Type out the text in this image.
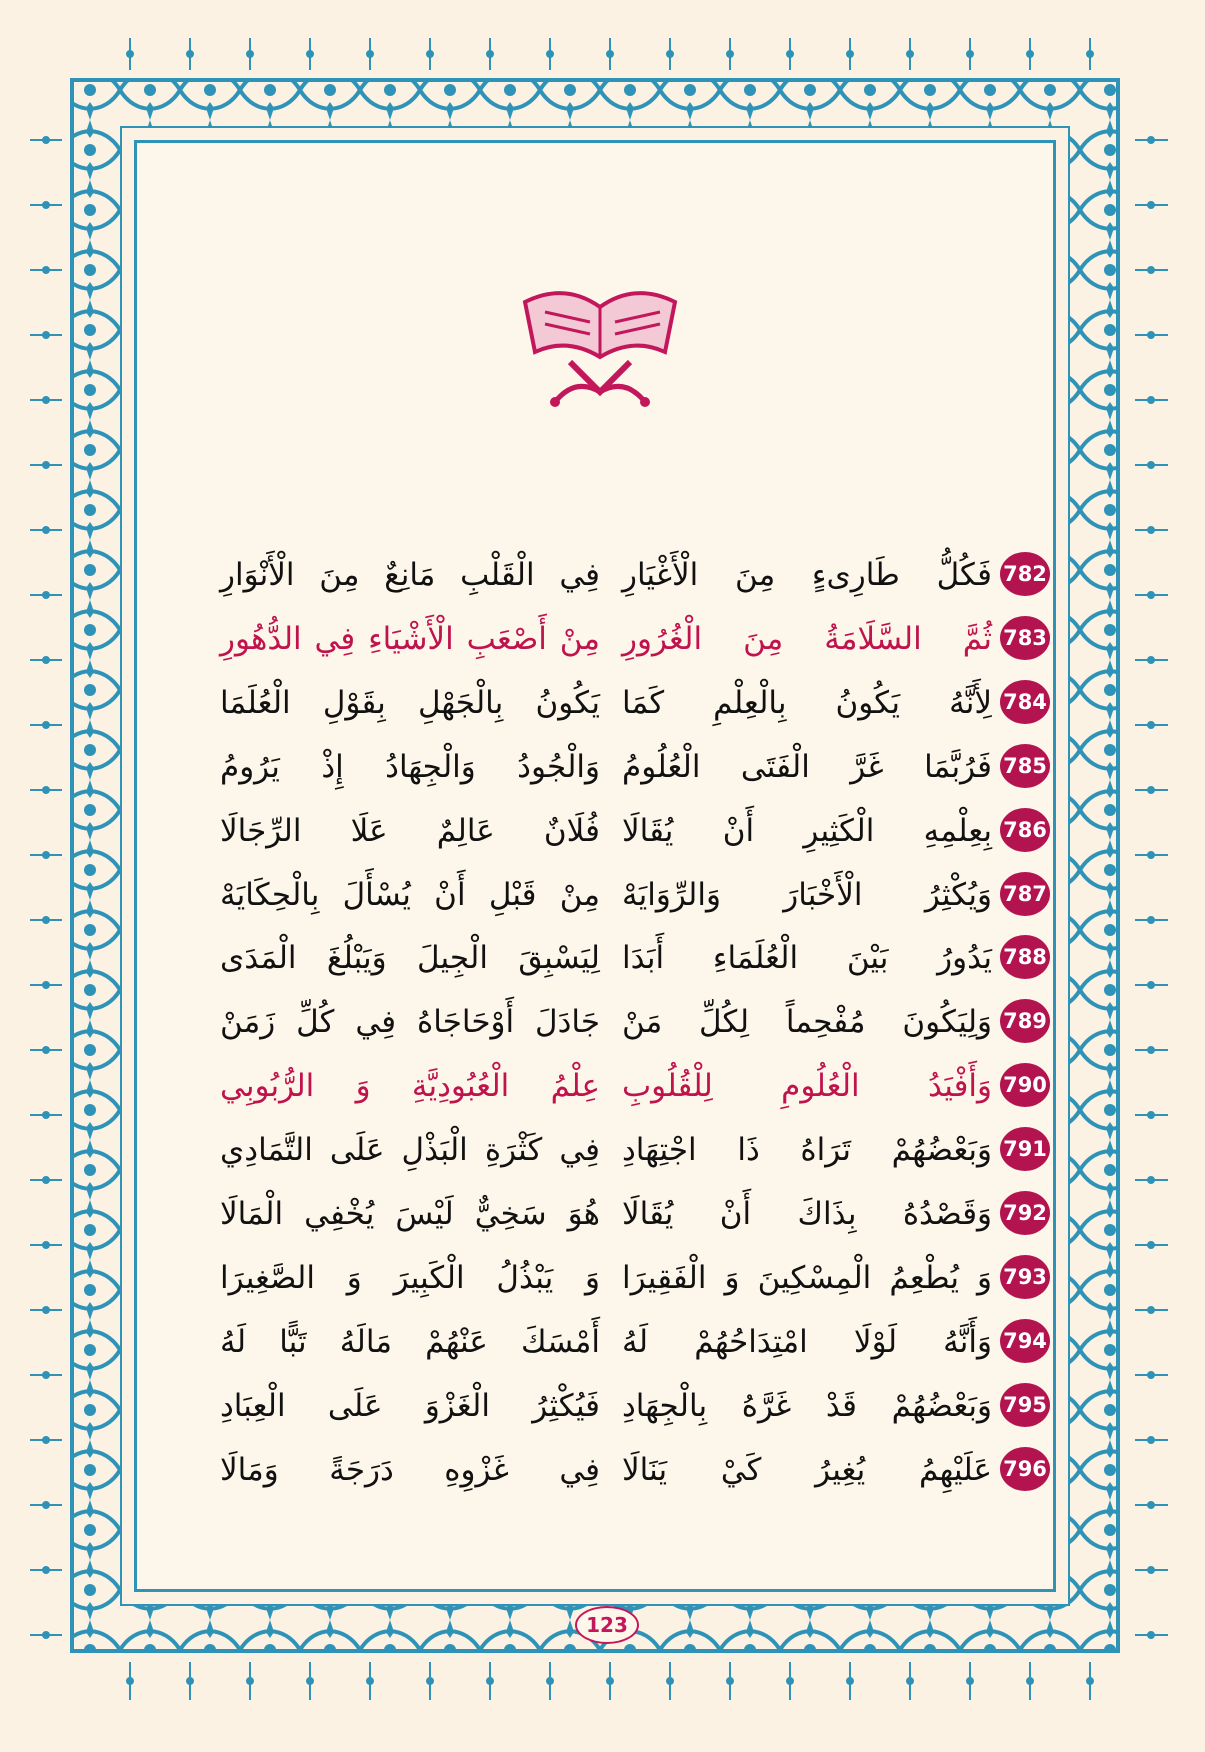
782
فَكُلُّ طَارِىءٍ مِنَ الْأَغْيَارِ
فِي الْقَلْبِ مَانِعٌ مِنَ الْأَنْوَارِ
783
ثُمَّ السَّلَامَةُ مِنَ الْغُرُورِ
مِنْ أَصْعَبِ الْأَشْيَاءِ فِي الدُّهُورِ
784
لِأَنَّهُ يَكُونُ بِالْعِلْمِ كَمَا
يَكُونُ بِالْجَهْلِ بِقَوْلِ الْعُلَمَا
785
فَرُبَّمَا غَرَّ الْفَتَى الْعُلُومُ
وَالْجُودُ وَالْجِهَادُ إِذْ يَرُومُ
786
بِعِلْمِهِ الْكَثِيرِ أَنْ يُقَالَا
فُلَانٌ عَالِمٌ عَلَا الرِّجَالَا
787
وَيُكْثِرُ الْأَخْبَارَ وَالرِّوَايَهْ
مِنْ قَبْلِ أَنْ يُسْأَلَ بِالْحِكَايَهْ
788
يَدُورُ بَيْنَ الْعُلَمَاءِ أَبَدَا
لِيَسْبِقَ الْجِيلَ وَيَبْلُغَ الْمَدَى
789
وَلِيَكُونَ مُفْحِماً لِكُلِّ مَنْ
جَادَلَ أَوْحَاجَاهُ فِي كُلِّ زَمَنْ
790
وَأَفْيَدُ الْعُلُومِ لِلْقُلُوبِ
عِلْمُ الْعُبُودِيَّةِ وَ الرُّبُوبِي
791
وَبَعْضُهُمْ تَرَاهُ ذَا اجْتِهَادِ
فِي كَثْرَةِ الْبَذْلِ عَلَى التَّمَادِي
792
وَقَصْدُهُ بِذَاكَ أَنْ يُقَالَا
هُوَ سَخِيٌّ لَيْسَ يُخْفِي الْمَالَا
793
وَ يُطْعِمُ الْمِسْكِينَ وَ الْفَقِيرَا
وَ يَبْذُلُ الْكَبِيرَ وَ الصَّغِيرَا
794
وَأَنَّهُ لَوْلَا امْتِدَاحُهُمْ لَهُ
أَمْسَكَ عَنْهُمْ مَالَهُ تَبًّا لَهُ
795
وَبَعْضُهُمْ قَدْ غَرَّهُ بِالْجِهَادِ
فَيُكْثِرُ الْغَزْوَ عَلَى الْعِبَادِ
796
عَلَيْهِمُ يُغِيرُ كَيْ يَنَالَا
فِي غَزْوِهِ دَرَجَةً وَمَالَا
123
